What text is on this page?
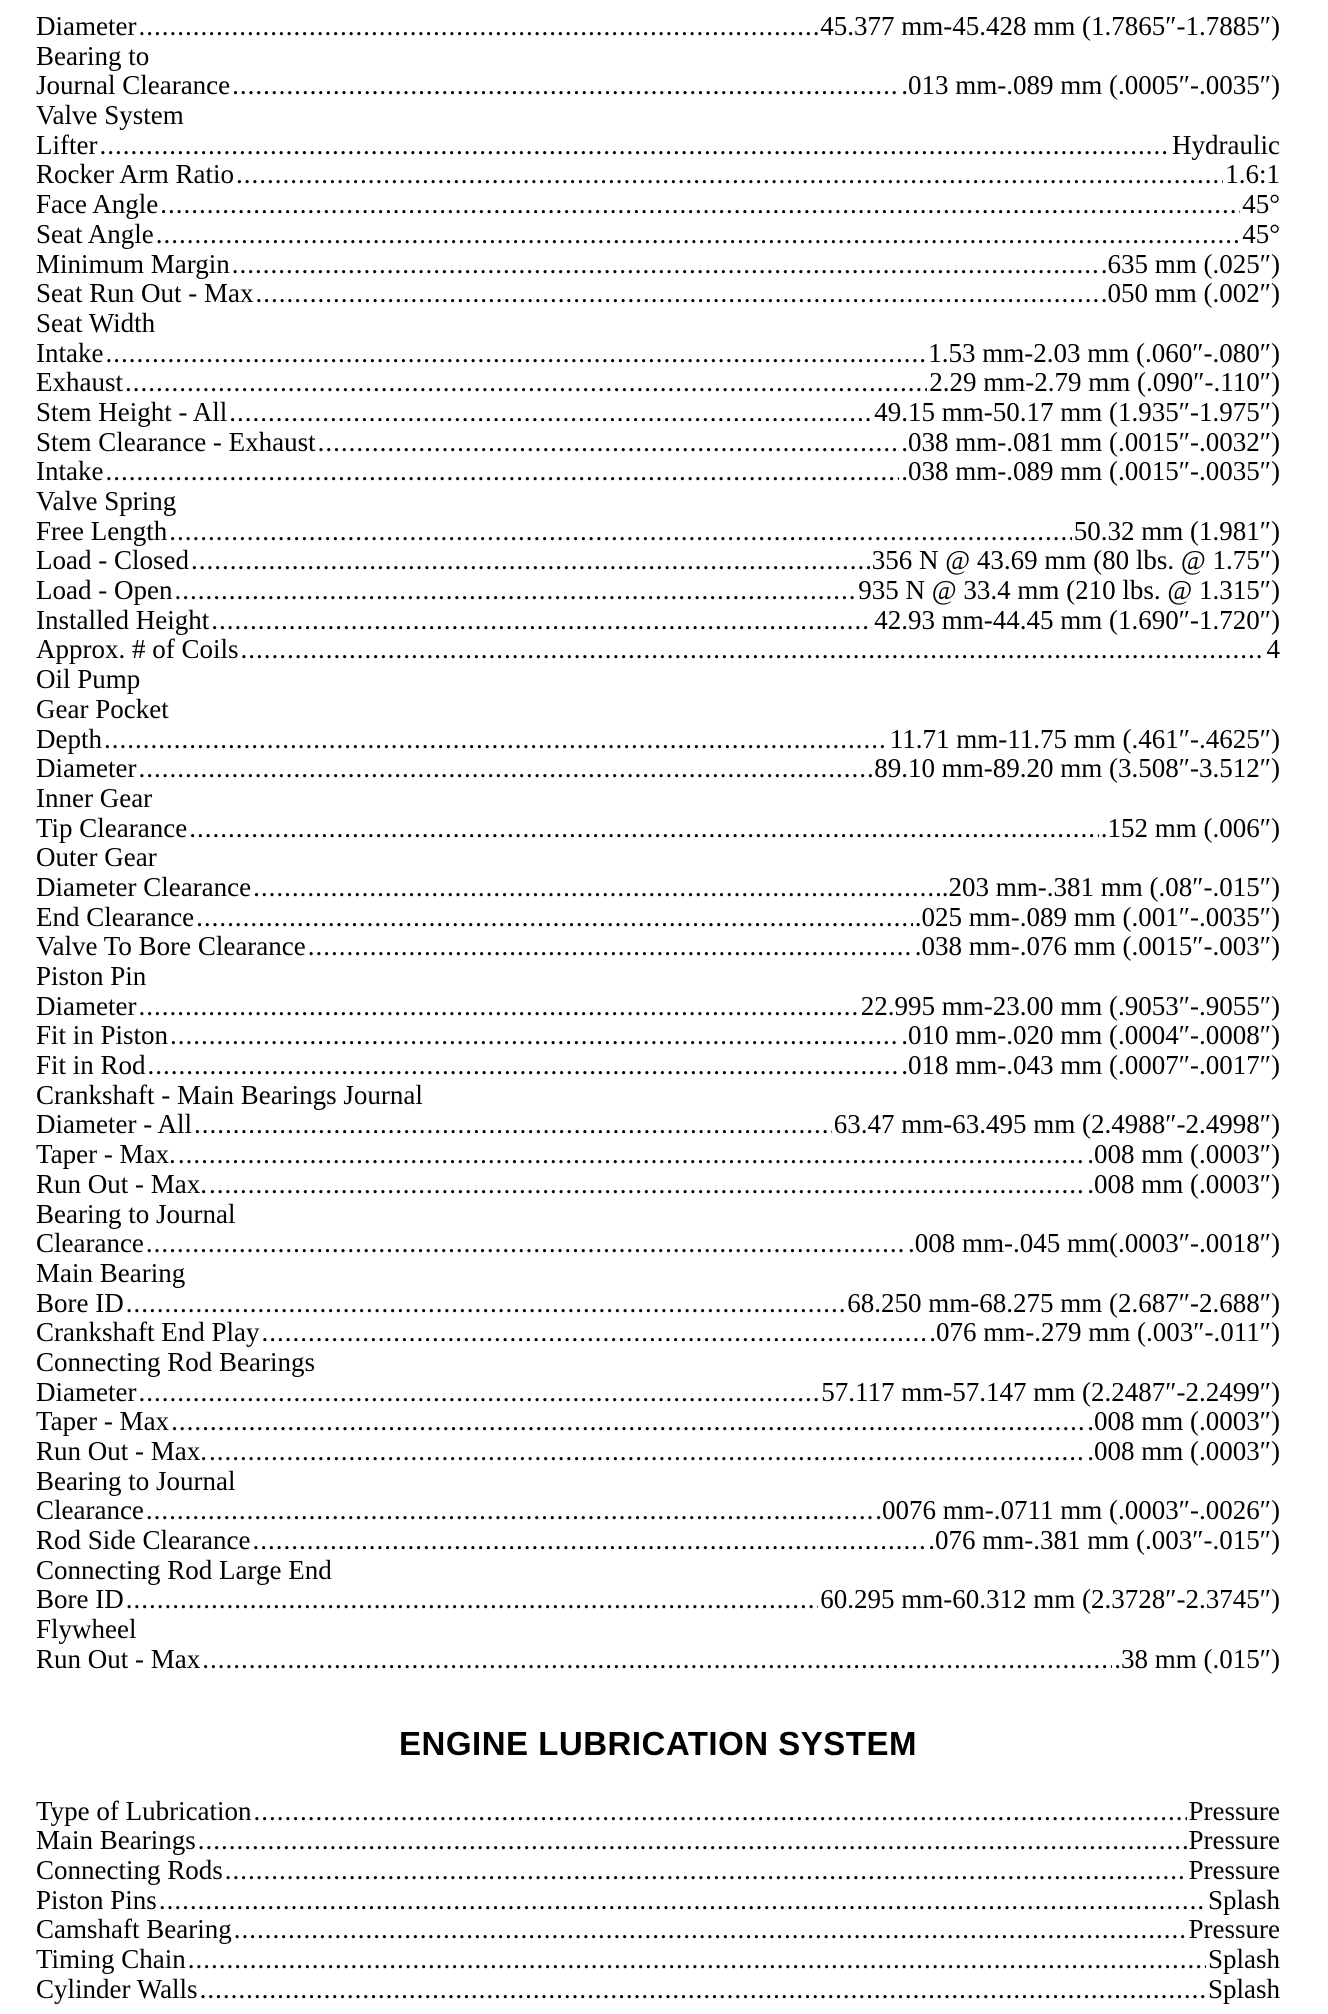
Diameter .....	45.377 mm-45.428 mm (1.7865″-1.7885″)
Bearing to
Journal Clearance .....	.013 mm-.089 mm (.0005″-.0035″)
Valve System
Lifter .....	Hydraulic
Rocker Arm Ratio .....	1.6:1
Face Angle .....	45°
Seat Angle .....	45°
Minimum Margin .....	.635 mm (.025″)
Seat Run Out - Max .....	.050 mm (.002″)
Seat Width
Intake .....	1.53 mm-2.03 mm (.060″-.080″)
Exhaust .....	2.29 mm-2.79 mm (.090″-.110″)
Stem Height - All .....	49.15 mm-50.17 mm (1.935″-1.975″)
Stem Clearance - Exhaust .....	.038 mm-.081 mm (.0015″-.0032″)
Intake .....	.038 mm-.089 mm (.0015″-.0035″)
Valve Spring
Free Length .....	50.32 mm (1.981″)
Load - Closed .....	356 N @ 43.69 mm (80 lbs. @ 1.75″)
Load - Open .....	935 N @ 33.4 mm (210 lbs. @ 1.315″)
Installed Height .....	42.93 mm-44.45 mm (1.690″-1.720″)
Approx. # of Coils .....	4
Oil Pump
Gear Pocket
Depth .....	11.71 mm-11.75 mm (.461″-.4625″)
Diameter .....	89.10 mm-89.20 mm (3.508″-3.512″)
Inner Gear
Tip Clearance .....	.152 mm (.006″)
Outer Gear
Diameter Clearance .....	.203 mm-.381 mm (.08″-.015″)
End Clearance .....	.025 mm-.089 mm (.001″-.0035″)
Valve To Bore Clearance .....	.038 mm-.076 mm (.0015″-.003″)
Piston Pin
Diameter .....	22.995 mm-23.00 mm (.9053″-.9055″)
Fit in Piston .....	.010 mm-.020 mm (.0004″-.0008″)
Fit in Rod .....	.018 mm-.043 mm (.0007″-.0017″)
Crankshaft - Main Bearings Journal
Diameter - All .....	63.47 mm-63.495 mm (2.4988″-2.4998″)
Taper - Max. .....	.008 mm (.0003″)
Run Out - Max. .....	.008 mm (.0003″)
Bearing to Journal
Clearance .....	.008 mm-.045 mm(.0003″-.0018″)
Main Bearing
Bore ID .....	68.250 mm-68.275 mm (2.687″-2.688″)
Crankshaft End Play .....	.076 mm-.279 mm (.003″-.011″)
Connecting Rod Bearings
Diameter .....	57.117 mm-57.147 mm (2.2487″-2.2499″)
Taper - Max .....	.008 mm (.0003″)
Run Out - Max. .....	.008 mm (.0003″)
Bearing to Journal
Clearance .....	.0076 mm-.0711 mm (.0003″-.0026″)
Rod Side Clearance .....	.076 mm-.381 mm (.003″-.015″)
Connecting Rod Large End
Bore ID .....	60.295 mm-60.312 mm (2.3728″-2.3745″)
Flywheel
Run Out - Max .....	.38 mm (.015″)
ENGINE LUBRICATION SYSTEM
Type of Lubrication .....	Pressure
Main Bearings .....	Pressure
Connecting Rods .....	Pressure
Piston Pins .....	Splash
Camshaft Bearing .....	Pressure
Timing Chain .....	Splash
Cylinder Walls .....	Splash
